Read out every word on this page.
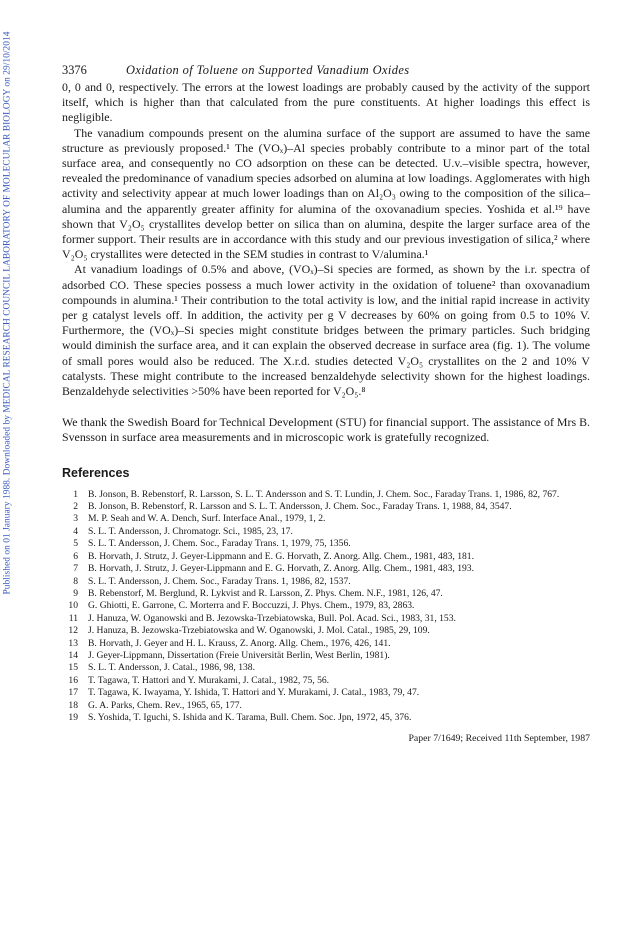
Published on 01 January 1988. Downloaded by MEDICAL RESEARCH COUNCIL LABORATORY OF MOLECULAR BIOLOGY on 29/10/2014	3376	Oxidation of Toluene on Supported Vanadium Oxides

0, 0 and 0, respectively. The errors at the lowest loadings are probably caused by the activity of the support itself, which is higher than that calculated from the pure constituents. At higher loadings this effect is negligible.

The vanadium compounds present on the alumina surface of the support are assumed to have the same structure as previously proposed.¹ The (VOₓ)–Al species probably contribute to a minor part of the total surface area, and consequently no CO adsorption on these can be detected. U.v.–visible spectra, however, revealed the predominance of vanadium species adsorbed on alumina at low loadings. Agglomerates with high activity and selectivity appear at much lower loadings than on Al₂O₃ owing to the composition of the silica–alumina and the apparently greater affinity for alumina of the oxovanadium species. Yoshida et al.¹⁹ have shown that V₂O₅ crystallites develop better on silica than on alumina, despite the larger surface area of the former support. Their results are in accordance with this study and our previous investigation of silica,² where V₂O₅ crystallites were detected in the SEM studies in contrast to V/alumina.¹

At vanadium loadings of 0.5% and above, (VOₓ)–Si species are formed, as shown by the i.r. spectra of adsorbed CO. These species possess a much lower activity in the oxidation of toluene² than oxovanadium compounds in alumina.¹ Their contribution to the total activity is low, and the initial rapid increase in activity per g catalyst levels off. In addition, the activity per g V decreases by 60% on going from 0.5 to 10% V. Furthermore, the (VOₓ)–Si species might constitute bridges between the primary particles. Such bridging would diminish the surface area, and it can explain the observed decrease in surface area (fig. 1). The volume of small pores would also be reduced. The X.r.d. studies detected V₂O₅ crystallites on the 2 and 10% V catalysts. These might contribute to the increased benzaldehyde selectivity shown for the highest loadings. Benzaldehyde selectivities >50% have been reported for V₂O₅.⁸

We thank the Swedish Board for Technical Development (STU) for financial support. The assistance of Mrs B. Svensson in surface area measurements and in microscopic work is gratefully recognized.

References
1 B. Jonson, B. Rebenstorf, R. Larsson, S. L. T. Andersson and S. T. Lundin, J. Chem. Soc., Faraday Trans. 1, 1986, 82, 767.
2 B. Jonson, B. Rebenstorf, R. Larsson and S. L. T. Andersson, J. Chem. Soc., Faraday Trans. 1, 1988, 84, 3547.
3 M. P. Seah and W. A. Dench, Surf. Interface Anal., 1979, 1, 2.
4 S. L. T. Andersson, J. Chromatogr. Sci., 1985, 23, 17.
5 S. L. T. Andersson, J. Chem. Soc., Faraday Trans. 1, 1979, 75, 1356.
6 B. Horvath, J. Strutz, J. Geyer-Lippmann and E. G. Horvath, Z. Anorg. Allg. Chem., 1981, 483, 181.
7 B. Horvath, J. Strutz, J. Geyer-Lippmann and E. G. Horvath, Z. Anorg. Allg. Chem., 1981, 483, 193.
8 S. L. T. Andersson, J. Chem. Soc., Faraday Trans. 1, 1986, 82, 1537.
9 B. Rebenstorf, M. Berglund, R. Lykvist and R. Larsson, Z. Phys. Chem. N.F., 1981, 126, 47.
10 G. Ghiotti, E. Garrone, C. Morterra and F. Boccuzzi, J. Phys. Chem., 1979, 83, 2863.
11 J. Hanuza, W. Oganowski and B. Jezowska-Trzebiatowska, Bull. Pol. Acad. Sci., 1983, 31, 153.
12 J. Hanuza, B. Jezowska-Trzebiatowska and W. Oganowski, J. Mol. Catal., 1985, 29, 109.
13 B. Horvath, J. Geyer and H. L. Krauss, Z. Anorg. Allg. Chem., 1976, 426, 141.
14 J. Geyer-Lippmann, Dissertation (Freie Universität Berlin, West Berlin, 1981).
15 S. L. T. Andersson, J. Catal., 1986, 98, 138.
16 T. Tagawa, T. Hattori and Y. Murakami, J. Catal., 1982, 75, 56.
17 T. Tagawa, K. Iwayama, Y. Ishida, T. Hattori and Y. Murakami, J. Catal., 1983, 79, 47.
18 G. A. Parks, Chem. Rev., 1965, 65, 177.
19 S. Yoshida, T. Iguchi, S. Ishida and K. Tarama, Bull. Chem. Soc. Jpn, 1972, 45, 376.
Paper 7/1649; Received 11th September, 1987
